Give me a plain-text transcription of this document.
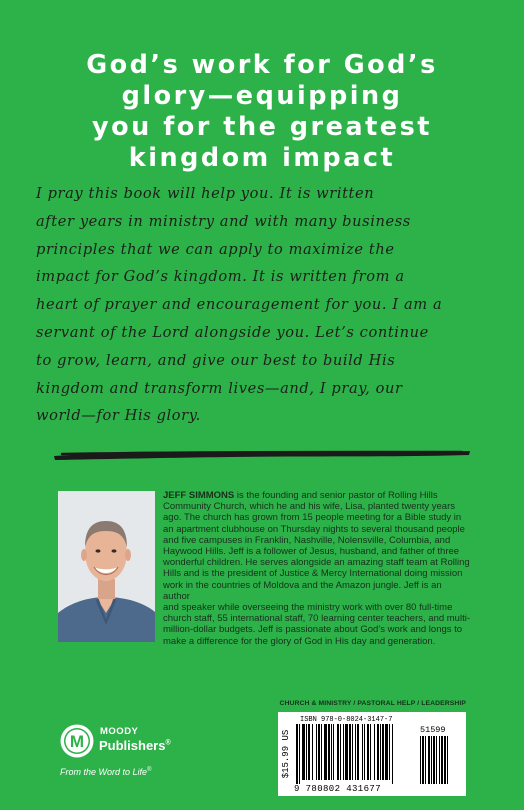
God’s work for God’s
glory—equipping
you for the greatest
kingdom impact
I pray this book will help you. It is written
after years in ministry and with many business
principles that we can apply to maximize the
impact for God’s kingdom. It is written from a
heart of prayer and encouragement for you. I am a
servant of the Lord alongside you. Let’s continue
to grow, learn, and give our best to build His
kingdom and transform lives—and, I pray, our
world—for His glory.
JEFF SIMMONS is the founding and senior pastor of Rolling Hills
Community Church, which he and his wife, Lisa, planted twenty years
ago. The church has grown from 15 people meeting for a Bible study in
an apartment clubhouse on Thursday nights to several thousand people
and five campuses in Franklin, Nashville, Nolensville, Columbia, and
Haywood Hills. Jeff is a follower of Jesus, husband, and father of three
wonderful children. He serves alongside an amazing staff team at Rolling
Hills and is the president of Justice & Mercy International doing mission
work in the countries of Moldova and the Amazon jungle. Jeff is an author
and speaker while overseeing the ministry work with over 80 full-time
church staff, 55 international staff, 70 learning center teachers, and multi-
million-dollar budgets. Jeff is passionate about God’s work and longs to
make a difference for the glory of God in His day and generation.
CHURCH & MINISTRY / PASTORAL HELP / LEADERSHIP
M
MOODY
Publishers®
From the Word to Life®	$15.99 US
ISBN 978-0-8024-3147-7
51599
9 780802 431677
